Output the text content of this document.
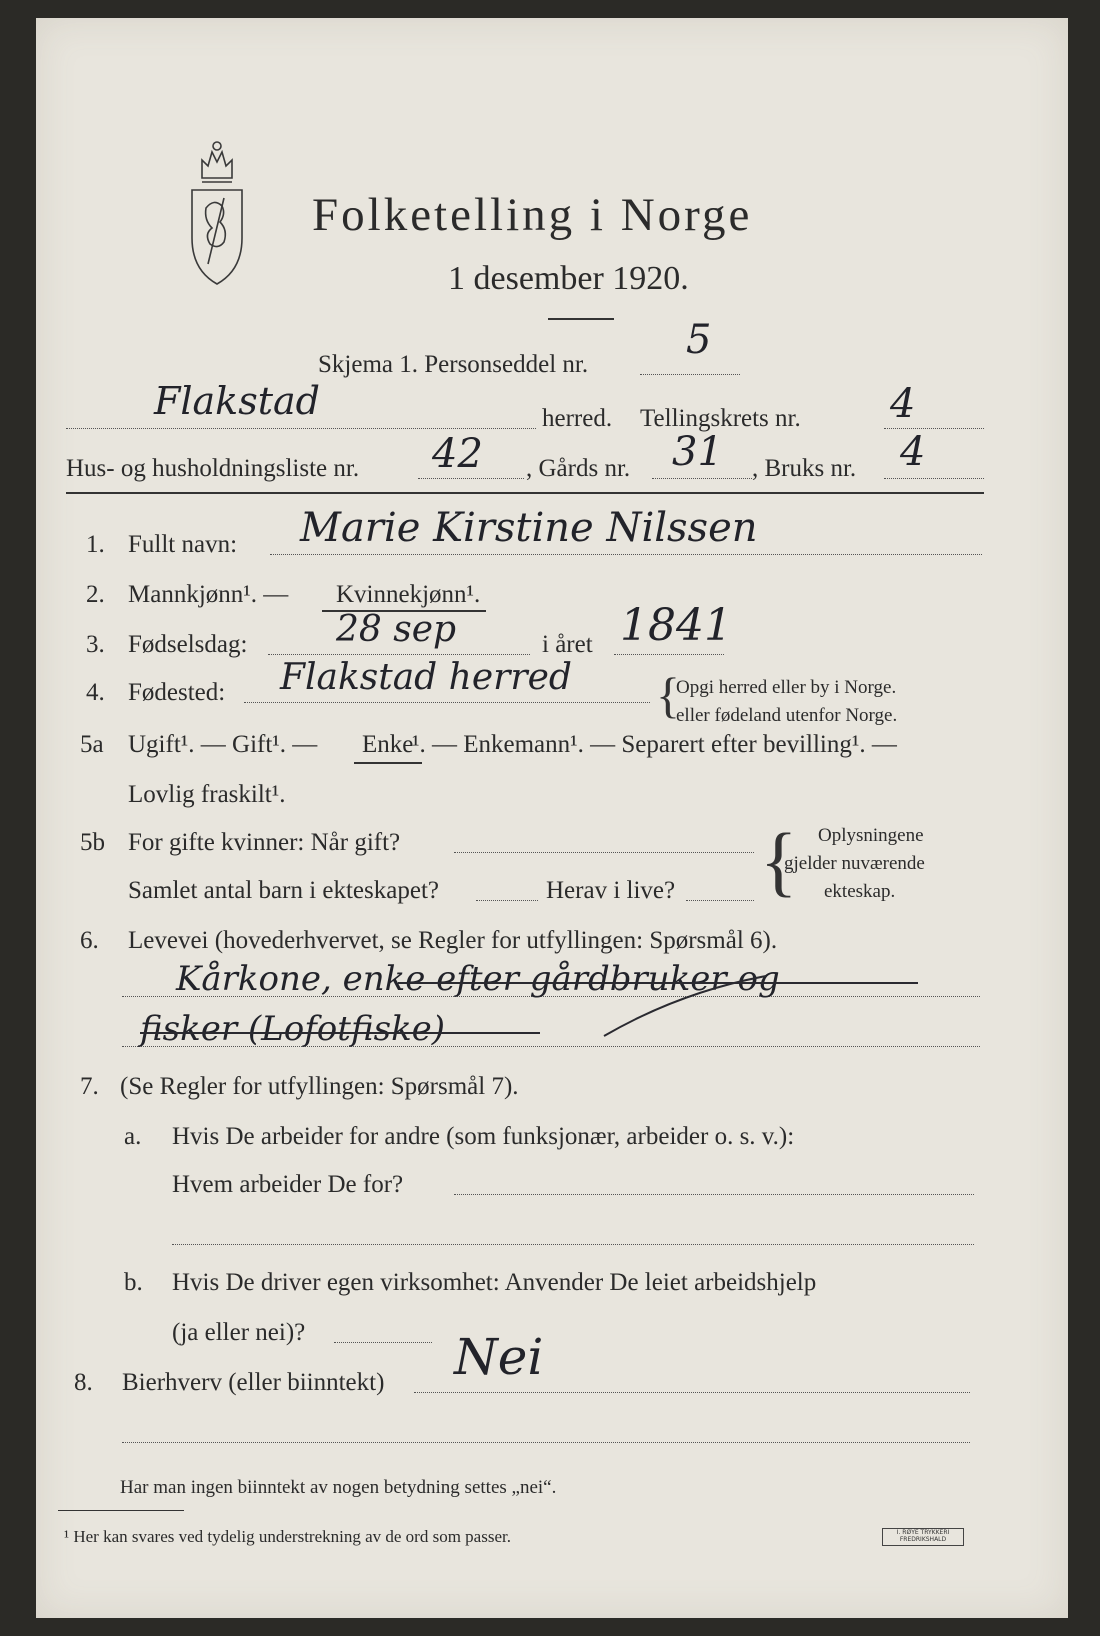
Folketelling i Norge
1 desember 1920.
Skjema 1. Personseddel nr.
5
Flakstad	herred. Tellingskrets nr. 4
Hus- og husholdningsliste nr. 42 , Gårds nr. 31 , Bruks nr. 4
1. Fullt navn: Marie Kirstine Nilssen
2. Mannkjønn¹. — Kvinnekjønn¹.
3. Fødselsdag: 28 sep	i året 1841
4. Fødested: Flakstad herred {
Opgi herred eller by i Norge.
eller fødeland utenfor Norge.
5a Ugift¹. — Gift¹. — Enke
¹. — Enkemann¹. — Separert efter bevilling¹. —
Lovlig fraskilt¹.
5b For gifte kvinner: Når gift?
Samlet antal barn i ekteskapet?	Herav i live? { Oplysningene
gjelder nuværende
ekteskap.
6. Levevei (hovederhvervet, se Regler for utfyllingen: Spørsmål 6).
Kårkone, enke efter gårdbruker og
fisker (Lofotfiske)
7. (Se Regler for utfyllingen: Spørsmål 7).
a. Hvis De arbeider for andre (som funksjonær, arbeider o. s. v.):
Hvem arbeider De for?
b. Hvis De driver egen virksomhet: Anvender De leiet arbeidshjelp
(ja eller nei)?
8. Bierhverv (eller biinntekt) Nei
Har man ingen biinntekt av nogen betydning settes „nei“.
¹ Her kan svares ved tydelig understrekning av de ord som passer.	I. RØYE TRYKKERI FREDRIKSHALD
